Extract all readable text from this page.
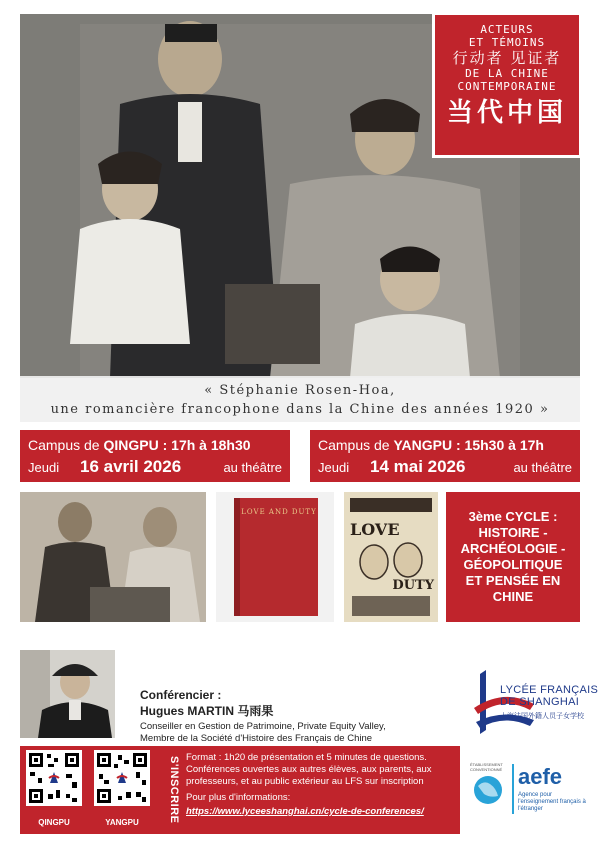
ACTEURS
ET TÉMOINS
行动者 见证者
DE LA CHINE
CONTEMPORAINE
当代中国
« Stéphanie Rosen-Hoa,
une romancière francophone dans la Chine des années 1920 »
Campus de QINGPU : 17h à 18h30
Jeudi	16 avril 2026	au théâtre
Campus de YANGPU : 15h30 à 17h
Jeudi	14 mai 2026	au théâtre
LOVE AND DUTY
LOVE
DUTY
3ème CYCLE : HISTOIRE - ARCHÉOLOGIE - GÉOPOLITIQUE ET PENSÉE EN CHINE
Conférencier :
Hugues MARTIN 马雨果
Conseiller en Gestion de Patrimoine, Private Equity Valley,
Membre de la Société d'Histoire des Français de Chine
LYCÉE FRANÇAIS
DE SHANGHAI
上海法国外籍人员子女学校
QINGPU	YANGPU	S'INSCRIRE Format : 1h20 de présentation et 5 minutes de questions.
Conférences ouvertes aux autres élèves, aux parents, aux professeurs, et au public extérieur au LFS sur inscription
Pour plus d'informations:
https://www.lyceeshanghai.cn/cycle-de-conferences/
ÉTABLISSEMENT CONVENTIONNÉ aefe
Agence pour l'enseignement français à l'étranger
